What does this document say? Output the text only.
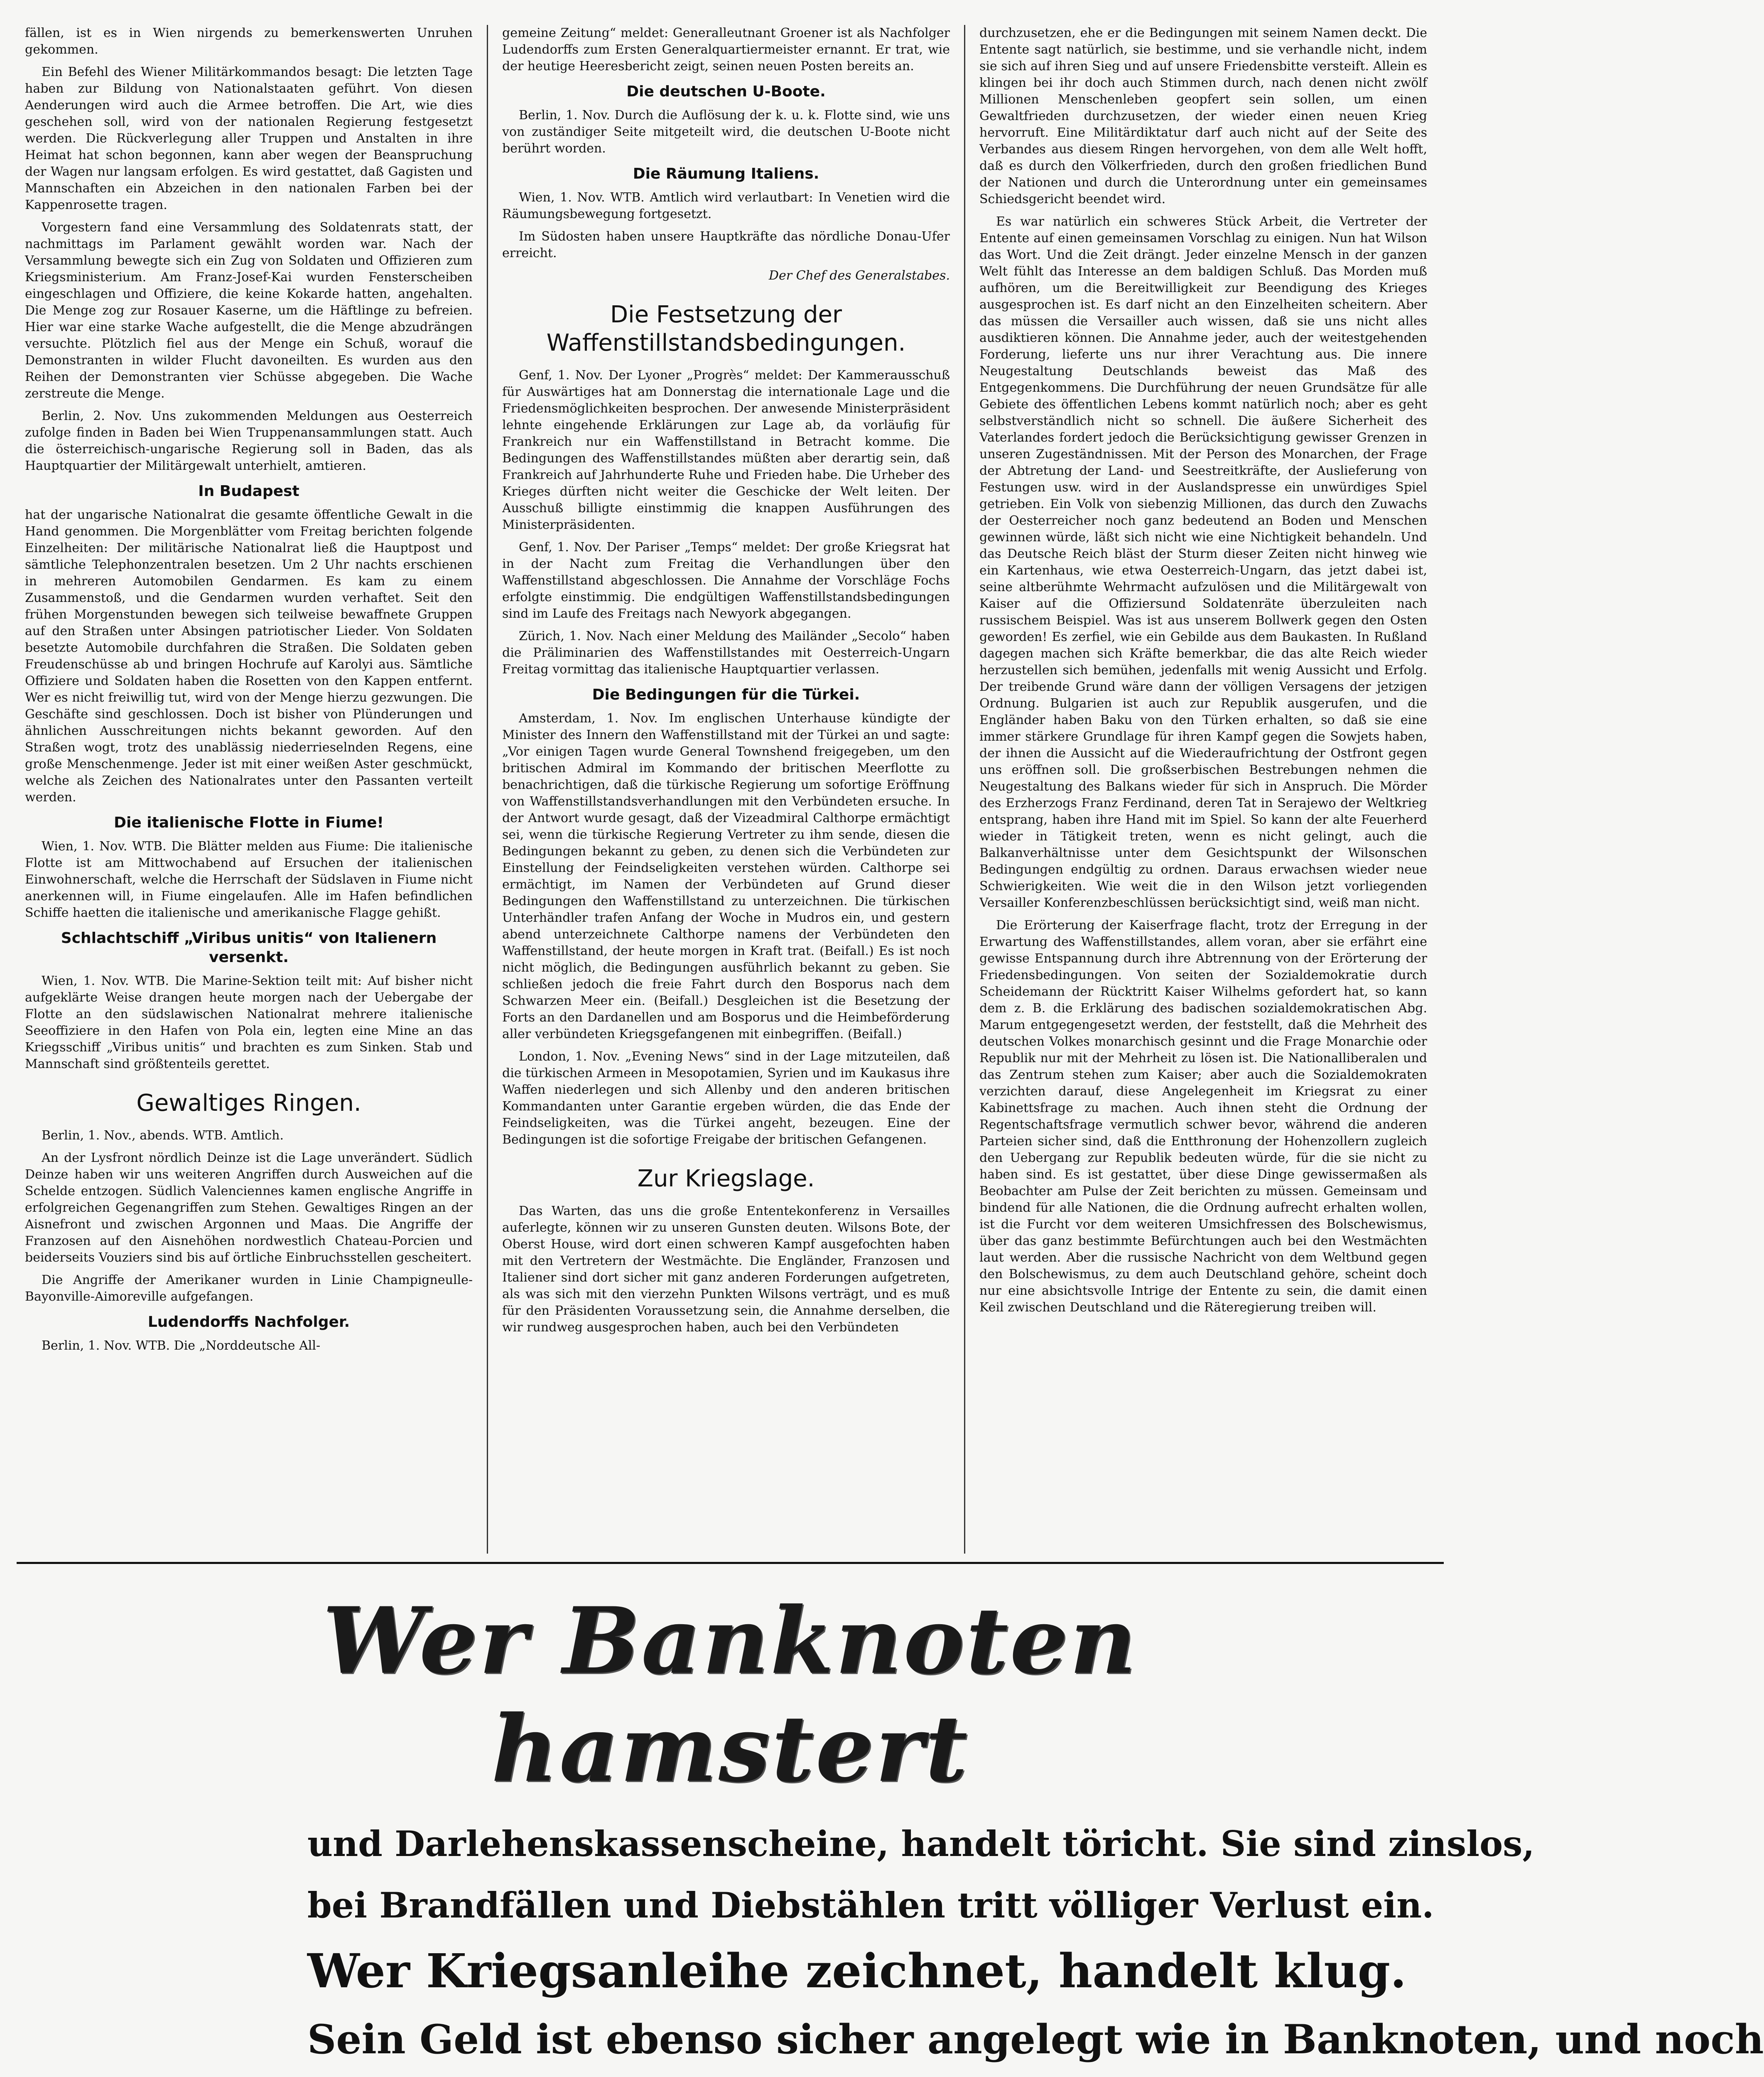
fällen, ist es in Wien nirgends zu bemerkenswerten Unruhen gekommen.

Ein Befehl des Wiener Militärkommandos besagt: Die letzten Tage haben zur Bildung von Nationalstaaten geführt. Von diesen Aenderungen wird auch die Armee betroffen. Die Art, wie dies geschehen soll, wird von der nationalen Regierung festgesetzt werden. Die Rückverlegung aller Truppen und Anstalten in ihre Heimat hat schon begonnen, kann aber wegen der Beanspruchung der Wagen nur langsam erfolgen. Es wird gestattet, daß Gagisten und Mannschaften ein Abzeichen in den nationalen Farben bei der Kappenrosette tragen.

Vorgestern fand eine Versammlung des Soldatenrats statt, der nachmittags im Parlament gewählt worden war. Nach der Versammlung bewegte sich ein Zug von Soldaten und Offizieren zum Kriegsministerium. Am Franz-Josef-Kai wurden Fensterscheiben eingeschlagen und Offiziere, die keine Kokarde hatten, angehalten. Die Menge zog zur Rosauer Kaserne, um die Häftlinge zu befreien. Hier war eine starke Wache aufgestellt, die die Menge abzudrängen versuchte. Plötzlich fiel aus der Menge ein Schuß, worauf die Demonstranten in wilder Flucht davoneilten. Es wurden aus den Reihen der Demonstranten vier Schüsse abgegeben. Die Wache zerstreute die Menge.

Berlin, 2. Nov. Uns zukommenden Meldungen aus Oesterreich zufolge finden in Baden bei Wien Truppenansammlungen statt. Auch die österreichisch-ungarische Regierung soll in Baden, das als Hauptquartier der Militärgewalt unterhielt, amtieren.

In Budapest

hat der ungarische Nationalrat die gesamte öffentliche Gewalt in die Hand genommen. Die Morgenblätter vom Freitag berichten folgende Einzelheiten: Der militärische Nationalrat ließ die Hauptpost und sämtliche Telephonzentralen besetzen. Um 2 Uhr nachts erschienen in mehreren Automobilen Gendarmen. Es kam zu einem Zusammenstoß, und die Gendarmen wurden verhaftet. Seit den frühen Morgenstunden bewegen sich teilweise bewaffnete Gruppen auf den Straßen unter Absingen patriotischer Lieder. Von Soldaten besetzte Automobile durchfahren die Straßen. Die Soldaten geben Freudenschüsse ab und bringen Hochrufe auf Karolyi aus. Sämtliche Offiziere und Soldaten haben die Rosetten von den Kappen entfernt. Wer es nicht freiwillig tut, wird von der Menge hierzu gezwungen. Die Geschäfte sind geschlossen. Doch ist bisher von Plünderungen und ähnlichen Ausschreitungen nichts bekannt geworden. Auf den Straßen wogt, trotz des unablässig niederrieselnden Regens, eine große Menschenmenge. Jeder ist mit einer weißen Aster geschmückt, welche als Zeichen des Nationalrates unter den Passanten verteilt werden.

Die italienische Flotte in Fiume!

Wien, 1. Nov. WTB. Die Blätter melden aus Fiume: Die italienische Flotte ist am Mittwochabend auf Ersuchen der italienischen Einwohnerschaft, welche die Herrschaft der Südslaven in Fiume nicht anerkennen will, in Fiume eingelaufen. Alle im Hafen befindlichen Schiffe haetten die italienische und amerikanische Flagge gehißt.

Schlachtschiff „Viribus unitis“ von Italienern versenkt.

Wien, 1. Nov. WTB. Die Marine-Sektion teilt mit: Auf bisher nicht aufgeklärte Weise drangen heute morgen nach der Uebergabe der Flotte an den südslawischen Nationalrat mehrere italienische Seeoffiziere in den Hafen von Pola ein, legten eine Mine an das Kriegsschiff „Viribus unitis“ und brachten es zum Sinken. Stab und Mannschaft sind größtenteils gerettet.

Gewaltiges Ringen.

Berlin, 1. Nov., abends. WTB. Amtlich.

An der Lysfront nördlich Deinze ist die Lage unverändert. Südlich Deinze haben wir uns weiteren Angriffen durch Ausweichen auf die Schelde entzogen. Südlich Valenciennes kamen englische Angriffe in erfolgreichen Gegenangriffen zum Stehen. Gewaltiges Ringen an der Aisnefront und zwischen Argonnen und Maas. Die Angriffe der Franzosen auf den Aisnehöhen nordwestlich Chateau-Porcien und beiderseits Vouziers sind bis auf örtliche Einbruchsstellen gescheitert.

Die Angriffe der Amerikaner wurden in Linie Champigneulle-Bayonville-Aimoreville aufgefangen.

Ludendorffs Nachfolger.

Berlin, 1. Nov. WTB. Die „Norddeutsche All-

gemeine Zeitung“ meldet: Generalleutnant Groener ist als Nachfolger Ludendorffs zum Ersten Generalquartiermeister ernannt. Er trat, wie der heutige Heeresbericht zeigt, seinen neuen Posten bereits an.

Die deutschen U-Boote.

Berlin, 1. Nov. Durch die Auflösung der k. u. k. Flotte sind, wie uns von zuständiger Seite mitgeteilt wird, die deutschen U-Boote nicht berührt worden.

Die Räumung Italiens.

Wien, 1. Nov. WTB. Amtlich wird verlautbart: In Venetien wird die Räumungsbewegung fortgesetzt.

Im Südosten haben unsere Hauptkräfte das nördliche Donau-Ufer erreicht.

Der Chef des Generalstabes.
Die Festsetzung der Waffenstillstandsbedingungen.

Genf, 1. Nov. Der Lyoner „Progrès“ meldet: Der Kammerausschuß für Auswärtiges hat am Donnerstag die internationale Lage und die Friedensmöglichkeiten besprochen. Der anwesende Ministerpräsident lehnte eingehende Erklärungen zur Lage ab, da vorläufig für Frankreich nur ein Waffenstillstand in Betracht komme. Die Bedingungen des Waffenstillstandes müßten aber derartig sein, daß Frankreich auf Jahrhunderte Ruhe und Frieden habe. Die Urheber des Krieges dürften nicht weiter die Geschicke der Welt leiten. Der Ausschuß billigte einstimmig die knappen Ausführungen des Ministerpräsidenten.

Genf, 1. Nov. Der Pariser „Temps“ meldet: Der große Kriegsrat hat in der Nacht zum Freitag die Verhandlungen über den Waffenstillstand abgeschlossen. Die Annahme der Vorschläge Fochs erfolgte einstimmig. Die endgültigen Waffenstillstandsbedingungen sind im Laufe des Freitags nach Newyork abgegangen.

Zürich, 1. Nov. Nach einer Meldung des Mailänder „Secolo“ haben die Präliminarien des Waffenstillstandes mit Oesterreich-Ungarn Freitag vormittag das italienische Hauptquartier verlassen.

Die Bedingungen für die Türkei.

Amsterdam, 1. Nov. Im englischen Unterhause kündigte der Minister des Innern den Waffenstillstand mit der Türkei an und sagte: „Vor einigen Tagen wurde General Townshend freigegeben, um den britischen Admiral im Kommando der britischen Meerflotte zu benachrichtigen, daß die türkische Regierung um sofortige Eröffnung von Waffenstillstandsverhandlungen mit den Verbündeten ersuche. In der Antwort wurde gesagt, daß der Vizeadmiral Calthorpe ermächtigt sei, wenn die türkische Regierung Vertreter zu ihm sende, diesen die Bedingungen bekannt zu geben, zu denen sich die Verbündeten zur Einstellung der Feindseligkeiten verstehen würden. Calthorpe sei ermächtigt, im Namen der Verbündeten auf Grund dieser Bedingungen den Waffenstillstand zu unterzeichnen. Die türkischen Unterhändler trafen Anfang der Woche in Mudros ein, und gestern abend unterzeichnete Calthorpe namens der Verbündeten den Waffenstillstand, der heute morgen in Kraft trat. (Beifall.) Es ist noch nicht möglich, die Bedingungen ausführlich bekannt zu geben. Sie schließen jedoch die freie Fahrt durch den Bosporus nach dem Schwarzen Meer ein. (Beifall.) Desgleichen ist die Besetzung der Forts an den Dardanellen und am Bosporus und die Heimbeförderung aller verbündeten Kriegsgefangenen mit einbegriffen. (Beifall.)

London, 1. Nov. „Evening News“ sind in der Lage mitzuteilen, daß die türkischen Armeen in Mesopotamien, Syrien und im Kaukasus ihre Waffen niederlegen und sich Allenby und den anderen britischen Kommandanten unter Garantie ergeben würden, die das Ende der Feindseligkeiten, was die Türkei angeht, bezeugen. Eine der Bedingungen ist die sofortige Freigabe der britischen Gefangenen.

Zur Kriegslage.

Das Warten, das uns die große Ententekonferenz in Versailles auferlegte, können wir zu unseren Gunsten deuten. Wilsons Bote, der Oberst House, wird dort einen schweren Kampf ausgefochten haben mit den Vertretern der Westmächte. Die Engländer, Franzosen und Italiener sind dort sicher mit ganz anderen Forderungen aufgetreten, als was sich mit den vierzehn Punkten Wilsons verträgt, und es muß für den Präsidenten Voraussetzung sein, die Annahme derselben, die wir rundweg ausgesprochen haben, auch bei den Verbündeten

durchzusetzen, ehe er die Bedingungen mit seinem Namen deckt. Die Entente sagt natürlich, sie bestimme, und sie verhandle nicht, indem sie sich auf ihren Sieg und auf unsere Friedensbitte versteift. Allein es klingen bei ihr doch auch Stimmen durch, nach denen nicht zwölf Millionen Menschenleben geopfert sein sollen, um einen Gewaltfrieden durchzusetzen, der wieder einen neuen Krieg hervorruft. Eine Militärdiktatur darf auch nicht auf der Seite des Verbandes aus diesem Ringen hervorgehen, von dem alle Welt hofft, daß es durch den Völkerfrieden, durch den großen friedlichen Bund der Nationen und durch die Unterordnung unter ein gemeinsames Schiedsgericht beendet wird.

Es war natürlich ein schweres Stück Arbeit, die Vertreter der Entente auf einen gemeinsamen Vorschlag zu einigen. Nun hat Wilson das Wort. Und die Zeit drängt. Jeder einzelne Mensch in der ganzen Welt fühlt das Interesse an dem baldigen Schluß. Das Morden muß aufhören, um die Bereitwilligkeit zur Beendigung des Krieges ausgesprochen ist. Es darf nicht an den Einzelheiten scheitern. Aber das müssen die Versailler auch wissen, daß sie uns nicht alles ausdiktieren können. Die Annahme jeder, auch der weitestgehenden Forderung, lieferte uns nur ihrer Verachtung aus. Die innere Neugestaltung Deutschlands beweist das Maß des Entgegenkommens. Die Durchführung der neuen Grundsätze für alle Gebiete des öffentlichen Lebens kommt natürlich noch; aber es geht selbstverständlich nicht so schnell. Die äußere Sicherheit des Vaterlandes fordert jedoch die Berücksichtigung gewisser Grenzen in unseren Zugeständnissen. Mit der Person des Monarchen, der Frage der Abtretung der Land- und Seestreitkräfte, der Auslieferung von Festungen usw. wird in der Auslandspresse ein unwürdiges Spiel getrieben. Ein Volk von siebenzig Millionen, das durch den Zuwachs der Oesterreicher noch ganz bedeutend an Boden und Menschen gewinnen würde, läßt sich nicht wie eine Nichtigkeit behandeln. Und das Deutsche Reich bläst der Sturm dieser Zeiten nicht hinweg wie ein Kartenhaus, wie etwa Oesterreich-Ungarn, das jetzt dabei ist, seine altberühmte Wehrmacht aufzulösen und die Militärgewalt von Kaiser auf die Offiziersund Soldatenräte überzuleiten nach russischem Beispiel. Was ist aus unserem Bollwerk gegen den Osten geworden! Es zerfiel, wie ein Gebilde aus dem Baukasten. In Rußland dagegen machen sich Kräfte bemerkbar, die das alte Reich wieder herzustellen sich bemühen, jedenfalls mit wenig Aussicht und Erfolg. Der treibende Grund wäre dann der völligen Versagens der jetzigen Ordnung. Bulgarien ist auch zur Republik ausgerufen, und die Engländer haben Baku von den Türken erhalten, so daß sie eine immer stärkere Grundlage für ihren Kampf gegen die Sowjets haben, der ihnen die Aussicht auf die Wiederaufrichtung der Ostfront gegen uns eröffnen soll. Die großserbischen Bestrebungen nehmen die Neugestaltung des Balkans wieder für sich in Anspruch. Die Mörder des Erzherzogs Franz Ferdinand, deren Tat in Serajewo der Weltkrieg entsprang, haben ihre Hand mit im Spiel. So kann der alte Feuerherd wieder in Tätigkeit treten, wenn es nicht gelingt, auch die Balkanverhältnisse unter dem Gesichtspunkt der Wilsonschen Bedingungen endgültig zu ordnen. Daraus erwachsen wieder neue Schwierigkeiten. Wie weit die in den Wilson jetzt vorliegenden Versailler Konferenzbeschlüssen berücksichtigt sind, weiß man nicht.

Die Erörterung der Kaiserfrage flacht, trotz der Erregung in der Erwartung des Waffenstillstandes, allem voran, aber sie erfährt eine gewisse Entspannung durch ihre Abtrennung von der Erörterung der Friedensbedingungen. Von seiten der Sozialdemokratie durch Scheidemann der Rücktritt Kaiser Wilhelms gefordert hat, so kann dem z. B. die Erklärung des badischen sozialdemokratischen Abg. Marum entgegengesetzt werden, der feststellt, daß die Mehrheit des deutschen Volkes monarchisch gesinnt und die Frage Monarchie oder Republik nur mit der Mehrheit zu lösen ist. Die Nationalliberalen und das Zentrum stehen zum Kaiser; aber auch die Sozialdemokraten verzichten darauf, diese Angelegenheit im Kriegsrat zu einer Kabinettsfrage zu machen. Auch ihnen steht die Ordnung der Regentschaftsfrage vermutlich schwer bevor, während die anderen Parteien sicher sind, daß die Entthronung der Hohenzollern zugleich den Uebergang zur Republik bedeuten würde, für die sie nicht zu haben sind. Es ist gestattet, über diese Dinge gewissermaßen als Beobachter am Pulse der Zeit berichten zu müssen. Gemeinsam und bindend für alle Nationen, die die Ordnung aufrecht erhalten wollen, ist die Furcht vor dem weiteren Umsichfressen des Bolschewismus, über das ganz bestimmte Befürchtungen auch bei den Westmächten laut werden. Aber die russische Nachricht von dem Weltbund gegen den Bolschewismus, zu dem auch Deutschland gehöre, scheint doch nur eine absichtsvolle Intrige der Entente zu sein, die damit einen Keil zwischen Deutschland und die Räteregierung treiben will.

Wer Banknoten hamstert
und Darlehenskassenscheine, handelt töricht. Sie sind zinslos,
bei Brandfällen und Diebstählen tritt völliger Verlust ein.
Wer Kriegsanleihe zeichnet, handelt klug.
Sein Geld ist ebenso sicher angelegt wie in Banknoten, und noch
